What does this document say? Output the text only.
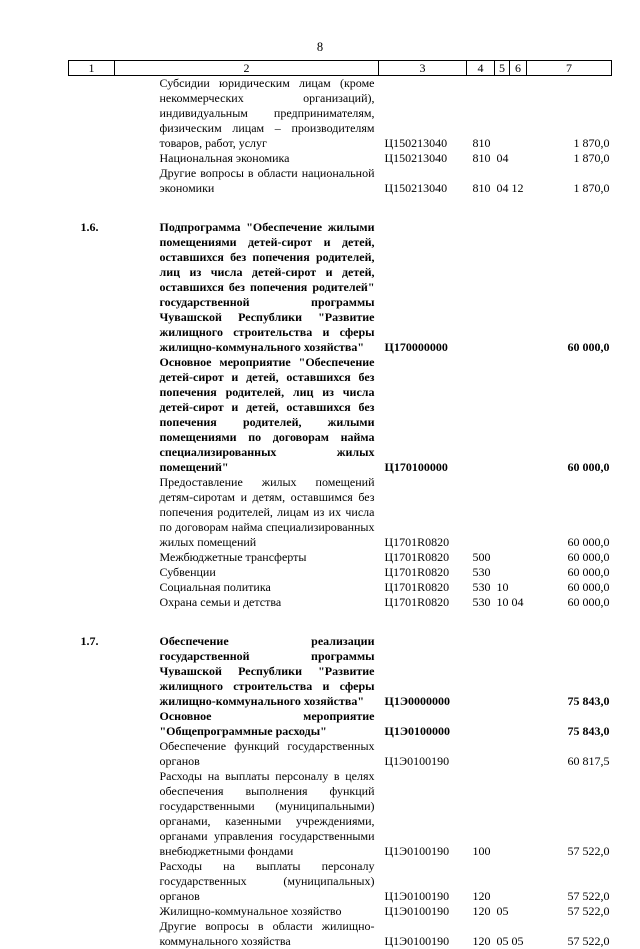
8
1	2	3	4	5	6	7
	Субсидии юридическим лицам (кроме некоммерческих организаций), индивидуальным предпринимателям, физическим лицам – производителям товаров, работ, услуг	Ц150213040	810			1 870,0
	Национальная экономика	Ц150213040	810	04		1 870,0
	Другие вопросы в области национальной экономики	Ц150213040	810	04	12	1 870,0

1.6.	Подпрограмма "Обеспечение жилыми помещениями детей-сирот и детей, оставшихся без попечения родителей, лиц из числа детей-сирот и детей, оставшихся без попечения родителей" государственной программы Чувашской Республики "Развитие жилищного строительства и сферы жилищно-коммунального хозяйства"	Ц170000000				60 000,0
	Основное мероприятие "Обеспечение детей-сирот и детей, оставшихся без попечения родителей, лиц из числа детей-сирот и детей, оставшихся без попечения родителей, жилыми помещениями по договорам найма специализированных жилых помещений"	Ц170100000				60 000,0
	Предоставление жилых помещений детям-сиротам и детям, оставшимся без попечения родителей, лицам из их числа по договорам найма специализированных жилых помещений	Ц1701R0820				60 000,0
	Межбюджетные трансферты	Ц1701R0820	500			60 000,0
	Субвенции	Ц1701R0820	530			60 000,0
	Социальная политика	Ц1701R0820	530	10		60 000,0
	Охрана семьи и детства	Ц1701R0820	530	10	04	60 000,0

1.7.	Обеспечение реализации государственной программы Чувашской Республики "Развитие жилищного строительства и сферы жилищно-коммунального хозяйства"	Ц1Э0000000				75 843,0
	Основное мероприятие "Общепрограммные расходы"	Ц1Э0100000				75 843,0
	Обеспечение функций государственных органов	Ц1Э0100190				60 817,5
	Расходы на выплаты персоналу в целях обеспечения выполнения функций государственными (муниципальными) органами, казенными учреждениями, органами управления государственными внебюджетными фондами	Ц1Э0100190	100			57 522,0
	Расходы на выплаты персоналу государственных (муниципальных) органов	Ц1Э0100190	120			57 522,0
	Жилищно-коммунальное хозяйство	Ц1Э0100190	120	05		57 522,0
	Другие вопросы в области жилищно-коммунального хозяйства	Ц1Э0100190	120	05	05	57 522,0
